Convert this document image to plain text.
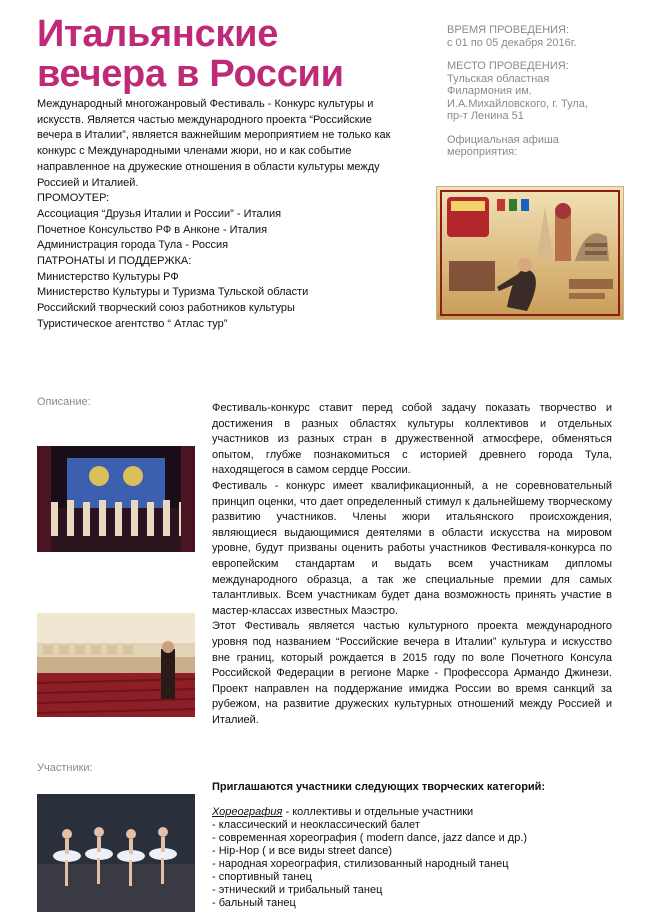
Итальянские
вечера в России

Международный многожанровый Фестиваль - Конкурс культуры и искусств. Является частью международного проекта “Российские вечера в Италии”, является важнейшим мероприятием не только как конкурс с Международными членами жюри, но и как событие направленное на дружеские отношения в области культуры между Россией и Италией.

ПРОМОУТЕР:

Ассоциация “Друзья Италии и России” - Италия

Почетное Консульство РФ в Анконе - Италия

Администрация города Тула - Россия

ПАТРОНАТЫ И ПОДДЕРЖКА:

Министерство Культуры РФ

Министерство Культуры и Туризма Тульской области

Российский творческий союз работников культуры

Туристическое агентство “ Атлас тур”

ВРЕМЯ ПРОВЕДЕНИЯ:

с 01 по 05 декабря 2016г.

МЕСТО ПРОВЕДЕНИЯ:

Тульская областная

Филармония им.

И.А.Михайловского, г. Тула,

пр-т Ленина 51

Официальная афиша

мероприятия:

Описание:	Фестиваль-конкурс ставит перед собой задачу показать творчество и достижения в разных областях культуры коллективов и отдельных участников из разных стран в дружественной атмосфере, обменяться опытом, глубже познакомиться с историей древнего города Тула, находящегося в самом сердце России.

Фестиваль - конкурс имеет квалификационный, а не соревновательный принцип оценки, что дает определенный стимул к дальнейшему творческому развитию участников. Члены жюри итальянского происхождения, являющиеся выдающимися деятелями в области искусства на мировом уровне, будут призваны оценить работы участников Фестиваля-конкурса по европейским стандартам и выдать всем участникам дипломы международного образца, а так же специальные премии для самых талантливых. Всем участникам будет дана возможность принять участие в мастер-классах известных Маэстро.

Этот Фестиваль является частью культурного проекта международного уровня под названием “Российские вечера в Италии” культура и искусство вне границ, который рождается в 2015 году по воле Почетного Консула Российской Федерации в регионе Марке - Профессора Армандо Джинези. Проект направлен на поддержание имиджа России во время санкций за рубежом, на развитие дружеских культурных отношений между Россией и Италией.

Участники:

Приглашаются участники следующих творческих категорий:

Хореография - коллективы и отдельные участники
- классический и неоклассический балет
- современная хореография ( modern dance, jazz dance и др.)
- Hip-Hop ( и все виды street dance)
- народная хореография, стилизованный народный танец
- спортивный танец
- этнический и трибальный танец
- бальный танец
